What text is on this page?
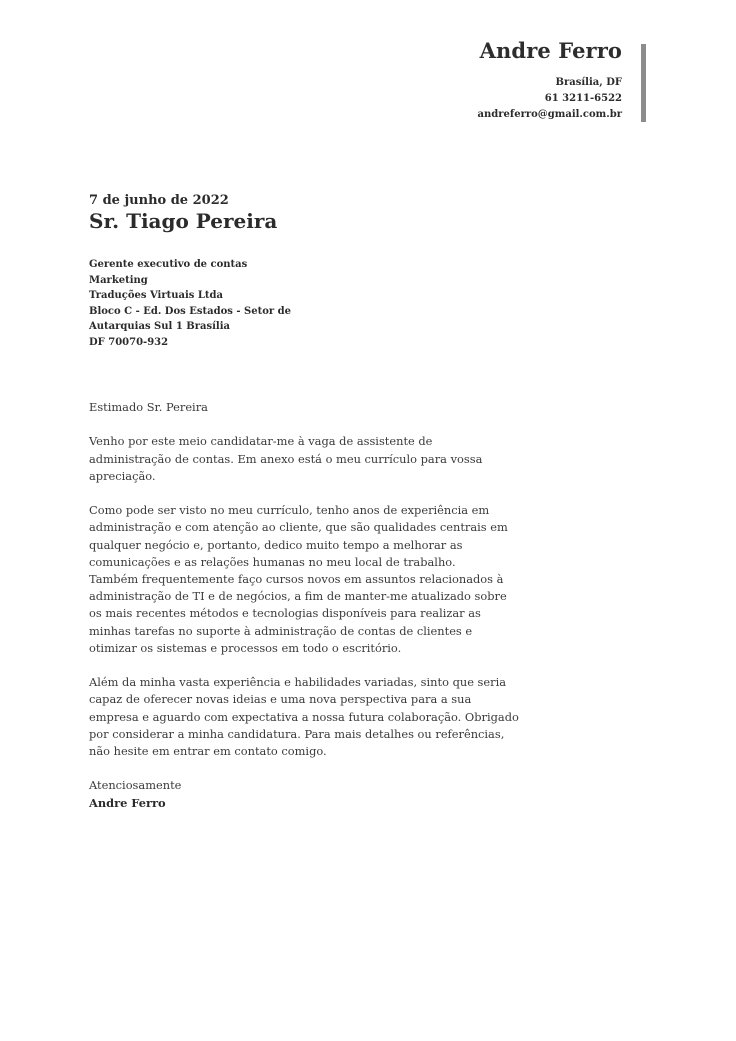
Andre Ferro
Brasília, DF
61 3211-6522
andreferro@gmail.com.br
7 de junho de 2022
Sr. Tiago Pereira
Gerente executivo de contas
Marketing
Traduções Virtuais Ltda
Bloco C - Ed. Dos Estados - Setor de
Autarquias Sul 1 Brasília
DF 70070-932

Estimado Sr. Pereira

Venho por este meio candidatar-me à vaga de assistente de

administração de contas. Em anexo está o meu currículo para vossa

apreciação.

Como pode ser visto no meu currículo, tenho anos de experiência em

administração e com atenção ao cliente, que são qualidades centrais em

qualquer negócio e, portanto, dedico muito tempo a melhorar as

comunicações e as relações humanas no meu local de trabalho.

Também frequentemente faço cursos novos em assuntos relacionados à

administração de TI e de negócios, a fim de manter-me atualizado sobre

os mais recentes métodos e tecnologias disponíveis para realizar as

minhas tarefas no suporte à administração de contas de clientes e

otimizar os sistemas e processos em todo o escritório.

Além da minha vasta experiência e habilidades variadas, sinto que seria

capaz de oferecer novas ideias e uma nova perspectiva para a sua

empresa e aguardo com expectativa a nossa futura colaboração. Obrigado

por considerar a minha candidatura. Para mais detalhes ou referências,

não hesite em entrar em contato comigo.

Atenciosamente

Andre Ferro
